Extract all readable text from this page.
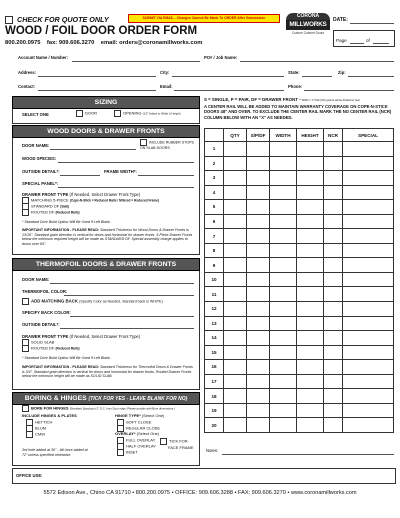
CHECK FOR QUOTE ONLY	SUBMIT VIA EMAIL - Changes Cannot Be Made To ORDER After Submission
WOOD / FOIL DOOR ORDER FORM
800.200.0975 fax: 909.606.3270 email: orders@coronamillworks.com
CORONA
MILLWORKS
Custom Cabinet Doors
DATE:
Page	of
Account Name / Number:	PO# / Job Name:
Address:	City:	State:	Zip:
Contact:	Email:	Phone:
SIZING
SELECT ONE	DOOR	OPENING (1/2" Added to Width & Height)
WOOD DOORS & DRAWER FRONTS
DOOR NAME:
INCLUDE RUBBER STOPS ON SLAB DOORS
WOOD SPECIES:
OUTSIDE DETAIL*:	FRAME WIDTH*:
SPECIAL PANEL*:
DRAWER FRONT TYPE (If Needed, Select Drawer Front Type)
MATCHING 5-PIECE (Cope-N-Stick = Reduced Rails / Mitered = Reduced Frame)
STANDARD DF (Slab)
ROUTED DF (Reduced Rails)
* Standard Door Build Option Will Be Used If Left Blank.
IMPORTANT INFORMATION - PLEASE READ: Standard Thickness for Wood Doors & Drawer Fronts is 13/16". Standard grain direction is vertical for doors and horizontal for drawer fronts. 5-Piece Drawer Fronts below the minimum required height will be made as STANDARD DF. Special assembly charge applies to doors over 84".
THERMOFOIL DOORS & DRAWER FRONTS
DOOR NAME:
THERMOFOIL COLOR:
ADD MATCHING BACK (Specify Color as Needed, Standard back is WHITE)
SPECIFY BACK COLOR:
OUTSIDE DETAIL*:
DRAWER FRONT TYPE (If Needed, Select Drawer Front Type)
SOLID SLAB
ROUTED DF (Reduced Rails)
* Standard Door Build Option Will Be Used If Left Blank.
IMPORTANT INFORMATION - PLEASE READ: Standard Thickness for Thermofoil Doors & Drawer Fronts is 3/4". Standard grain direction is vertical for doors and horizontal for drawer fronts. Routed Drawer Fronts below the minimum height will be made as SOLID SLAB.
BORING & HINGES (TICK FOR YES - LEAVE BLANK FOR NO)
BORE FOR HINGES (Standard Spacing is 3" O.C. from Door edge; Please provide with Bore dimensions.)
INCLUDE HINGES & PLATES
HETTICH
BLUM
CMW
3rd hole added at 36" - 4th bore added at 72" unless specified otherwise.
HINGE TYPE* (Select One)
SOFT CLOSE
REGULAR CLOSE
OVERLAY* (Select One)
FULL OVERLAY
HALF OVERLAY
INSET
TICK FOR
FACE FRAME
OFFICE USE:
S = SINGLE, P = PAIR, DF = DRAWER FRONT ** Width = 1" 5/16 (SS) (points will be divided by two)
A CENTER RAIL WILL BE ADDED TO MAINTAIN WARRANTY COVERAGE ON COPE-N-STICK DOORS 48" AND OVER. TO EXCLUDE THE CENTER RAIL MARK THE NO CENTER RAIL (NCR) COLUMN BELOW WITH AN "X" AS NEEDED.
	QTY	S/P/DF	WIDTH	HEIGHT	NCR	SPECIAL
1						
2						
3						
4						
5						
6						
7						
8						
9						
10						
11						
12						
13						
14						
15						
16						
17						
18						
19						
20						
Notes:
5572 Edison Ave., Chino CA 91710 • 800.200.0975 • OFFICE: 909.606.3288 • FAX: 909.606.3270 • www.coronamillworks.com
